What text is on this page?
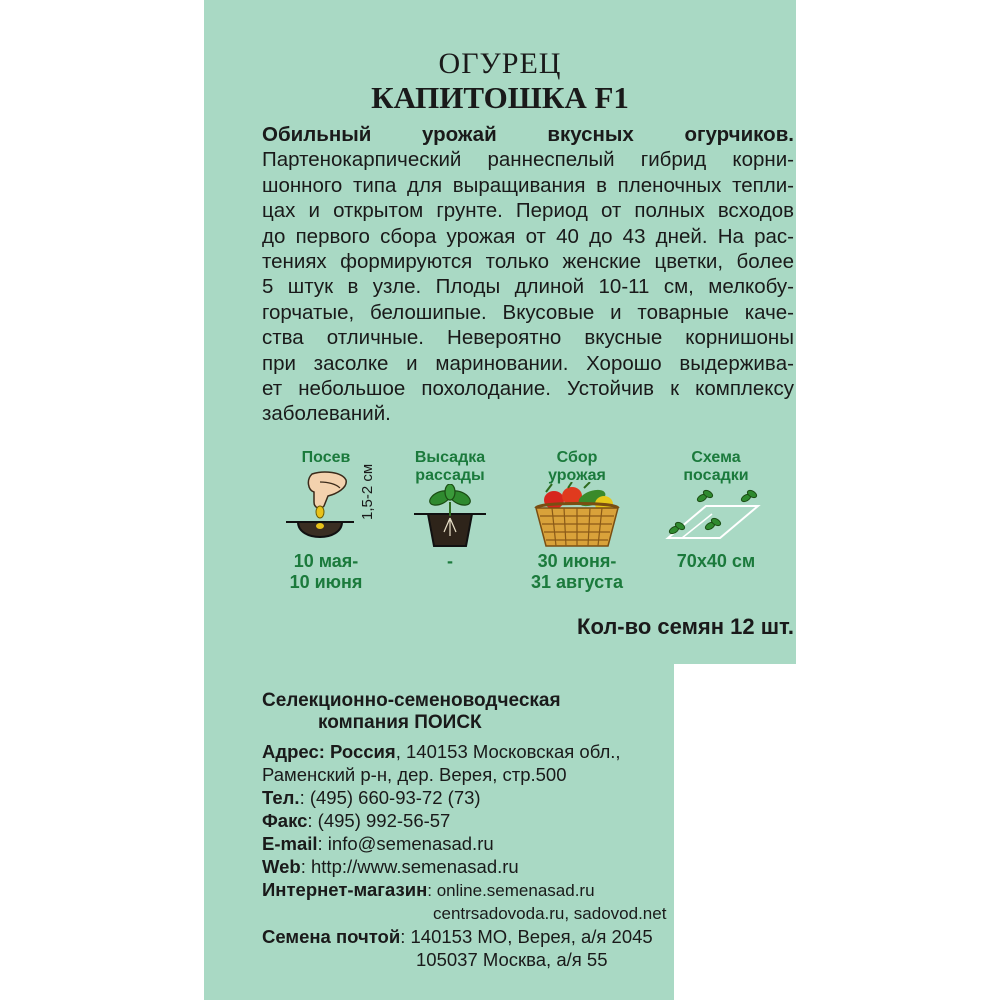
ОГУРЕЦ
КАПИТОШКА F1
Обильный урожай вкусных огурчиков.
Партенокарпический раннеспелый гибрид корни-
шонного типа для выращивания в пленочных тепли-
цах и открытом грунте. Период от полных всходов
до первого сбора урожая от 40 до 43 дней. На рас-
тениях формируются только женские цветки, более
5 штук в узле. Плоды длиной 10-11 см, мелкобу-
горчатые, белошипые. Вкусовые и товарные каче-
ства отличные. Невероятно вкусные корнишоны
при засолке и мариновании. Хорошо выдерживa-
ет небольшое похолодание. Устойчив к комплексу
заболеваний.
Посев
1,5-2 см
10 мая-
10 июня
Высадка
рассады
-
Сбор
урожая
30 июня-
31 августа
Схема
посадки
70x40 см
Кол-во семян 12 шт.
Селекционно-семеноводческая
компания ПОИСК
Адрес: Россия, 140153 Московская обл.,
Раменский р-н, дер. Верея, стр.500
Тел.: (495) 660-93-72 (73)
Факс: (495) 992-56-57
E-mail: info@semenasad.ru
Web: http://www.semenasad.ru
Интернет-магазин: online.semenasad.ru
centrsadovoda.ru, sadovod.net
Семена почтой: 140153 МО, Верея, а/я 2045
105037 Москва, а/я 55
